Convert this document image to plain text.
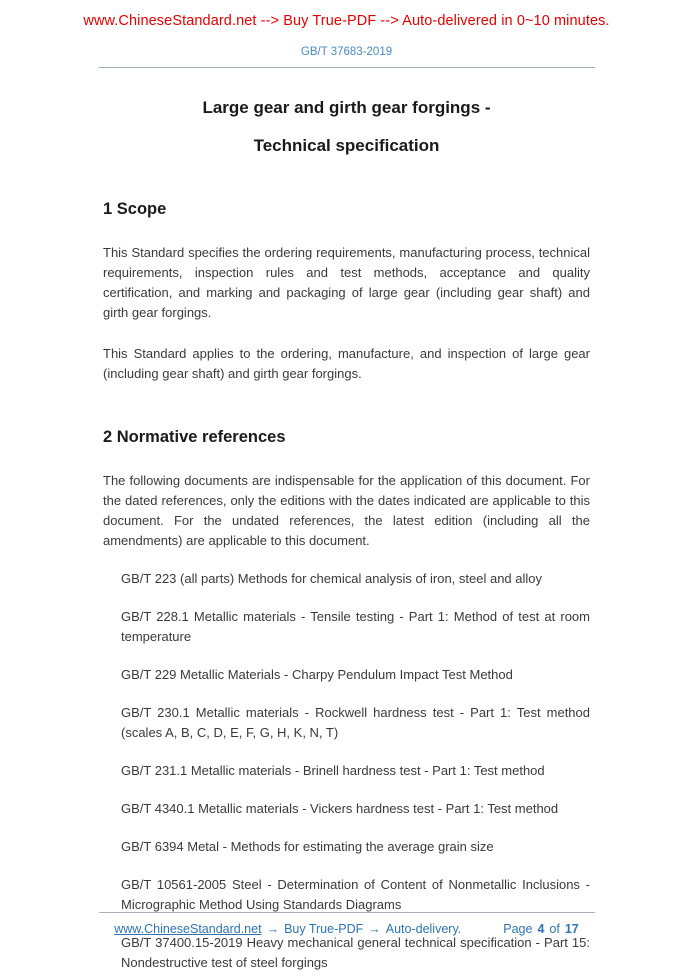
www.ChineseStandard.net --> Buy True-PDF --> Auto-delivered in 0~10 minutes.
GB/T 37683-2019
Large gear and girth gear forgings -
Technical specification
1 Scope

This Standard specifies the ordering requirements, manufacturing process, technical requirements, inspection rules and test methods, acceptance and quality certification, and marking and packaging of large gear (including gear shaft) and girth gear forgings.

This Standard applies to the ordering, manufacture, and inspection of large gear (including gear shaft) and girth gear forgings.

2 Normative references

The following documents are indispensable for the application of this document. For the dated references, only the editions with the dates indicated are applicable to this document. For the undated references, the latest edition (including all the amendments) are applicable to this document.

GB/T 223 (all parts) Methods for chemical analysis of iron, steel and alloy

GB/T 228.1 Metallic materials - Tensile testing - Part 1: Method of test at room temperature

GB/T 229 Metallic Materials - Charpy Pendulum Impact Test Method

GB/T 230.1 Metallic materials - Rockwell hardness test - Part 1: Test method (scales A, B, C, D, E, F, G, H, K, N, T)

GB/T 231.1 Metallic materials - Brinell hardness test - Part 1: Test method

GB/T 4340.1 Metallic materials - Vickers hardness test - Part 1: Test method

GB/T 6394 Metal - Methods for estimating the average grain size

GB/T 10561-2005 Steel - Determination of Content of Nonmetallic Inclusions - Micrographic Method Using Standards Diagrams

GB/T 37400.15-2019 Heavy mechanical general technical specification - Part 15: Nondestructive test of steel forgings

www.ChineseStandard.net → Buy True-PDF → Auto-delivery.	Page 4 of 17
